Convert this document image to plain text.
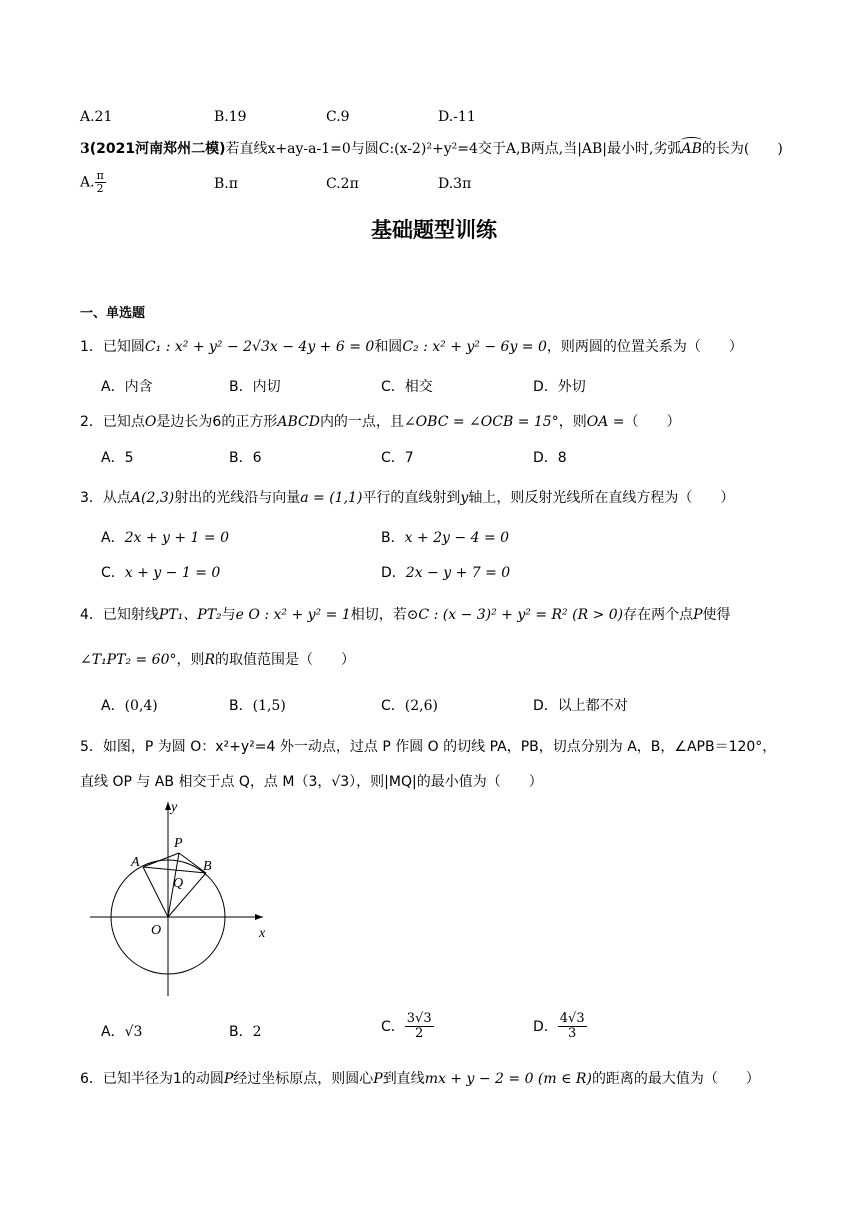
A.21	B.19	C.9	D.-11
3(2021河南郑州二模)若直线x+ay-a-1=0与圆C:(x-2)²+y²=4交于A,B两点,当|AB|最小时,劣弧AB的长为(　　)
A. $\frac{\pi}{2}$	B.π	C.2π	D.3π
基础题型训练
一、单选题
1．已知圆C₁ : x² + y² − 2√3x − 4y + 6 = 0和圆C₂ : x² + y² − 6y = 0，则两圆的位置关系为（　　）
A．内含	B．内切	C．相交	D．外切
2．已知点O是边长为6的正方形ABCD内的一点，且∠OBC = ∠OCB = 15°，则OA =（　　）
A．5	B．6	C．7	D．8
3．从点A(2,3)射出的光线沿与向量a = (1,1)平行的直线射到y轴上，则反射光线所在直线方程为（　　）
A．2x + y + 1 = 0	B．x + 2y − 4 = 0
C．x + y − 1 = 0	D．2x − y + 7 = 0
4．已知射线PT₁、PT₂与e O : x² + y² = 1相切，若⊙C : (x − 3)² + y² = R² (R > 0)存在两个点P使得
∠T₁PT₂ = 60°，则R的取值范围是（　　）
A．(0,4)	B．(1,5)	C．(2,6)	D．以上都不对
5．如图，P 为圆 O：x²+y²=4 外一动点，过点 P 作圆 O 的切线 PA，PB，切点分别为 A，B，∠APB＝120°，
直线 OP 与 AB 相交于点 Q，点 M（3，√3），则|MQ|的最小值为（　　）
y
x
O
P
A	B
Q
A．√3	B．2	C． $\frac{3√3}{2}$	D． $\frac{4√3}{3}$
6．已知半径为1的动圆P经过坐标原点，则圆心P到直线mx + y − 2 = 0 (m ∈ R)的距离的最大值为（　　）
